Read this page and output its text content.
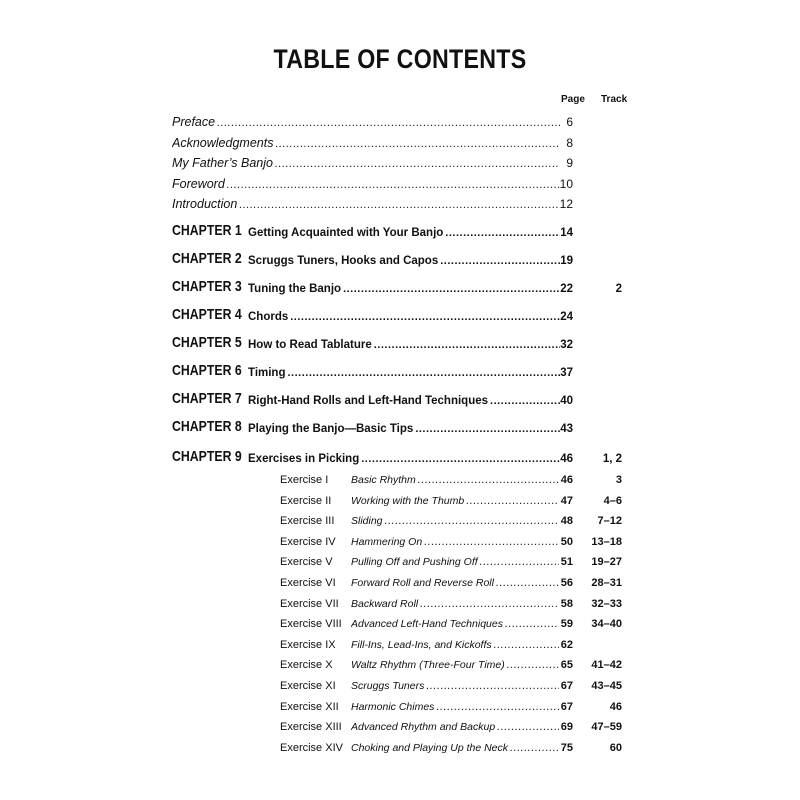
TABLE OF CONTENTS
Page Track
Preface .....	6
Acknowledgments .....	8
My Father’s Banjo .....	9
Foreword .....	10
Introduction .....	12
CHAPTER 1 Getting Acquainted with Your Banjo .....	14
CHAPTER 2 Scruggs Tuners, Hooks and Capos .....	19
CHAPTER 3 Tuning the Banjo .....	22	2
CHAPTER 4 Chords .....	24
CHAPTER 5 How to Read Tablature .....	32
CHAPTER 6 Timing .....	37
CHAPTER 7 Right-Hand Rolls and Left-Hand Techniques .....	40
CHAPTER 8 Playing the Banjo—Basic Tips .....	43
CHAPTER 9 Exercises in Picking .....	46	1, 2
Exercise I Basic Rhythm .....	46	3
Exercise II Working with the Thumb .....	47	4–6
Exercise III Sliding .....	48	7–12
Exercise IV Hammering On .....	50	13–18
Exercise V Pulling Off and Pushing Off .....	51	19–27
Exercise VI Forward Roll and Reverse Roll .....	56	28–31
Exercise VII Backward Roll .....	58	32–33
Exercise VIII Advanced Left-Hand Techniques .....	59	34–40
Exercise IX Fill-Ins, Lead-Ins, and Kickoffs .....	62
Exercise X Waltz Rhythm (Three-Four Time) .....	65	41–42
Exercise XI Scruggs Tuners .....	67	43–45
Exercise XII Harmonic Chimes .....	67	46
Exercise XIII Advanced Rhythm and Backup .....	69	47–59
Exercise XIV Choking and Playing Up the Neck .....	75	60
